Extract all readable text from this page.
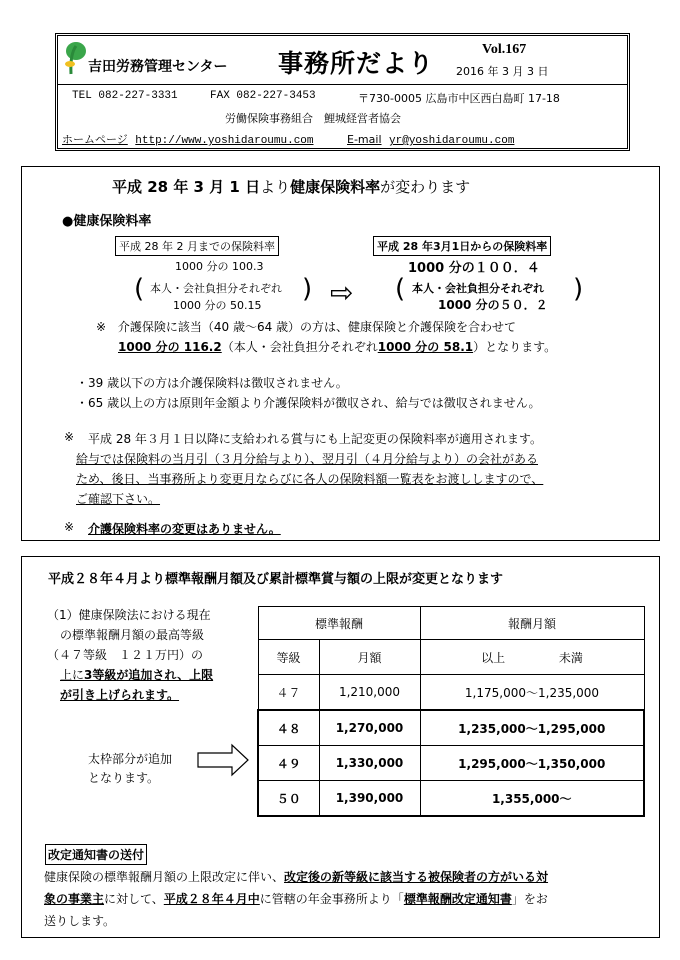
吉田労務管理センター 事務所だより	Vol.167
2016 年 3 月 3 日
TEL 082-227-3331	FAX 082-227-3453	〒730-0005 広島市中区西白島町 17-18
労働保険事務組合　鯉城経営者協会
ホームページ http://www.yoshidaroumu.com	E-mail yr@yoshidaroumu.com
平成 28 年 3 月 1 日より健康保険料率が変わります
●健康保険料率
平成 28 年 2 月までの保険料率
1000 分の 100.3
(	)
本人・会社負担分それぞれ
1000 分の 50.15 ⇨
平成 28 年3月1日からの保険料率
1000 分の１００．４
(	)
本人・会社負担分それぞれ
1000 分の５０．２
※ 介護保険に該当（40 歳～64 歳）の方は、健康保険と介護保険を合わせて
1000 分の 116.2（本人・会社負担分それぞれ1000 分の 58.1）となります。
・39 歳以下の方は介護保険料は徴収されません。
・65 歳以上の方は原則年金額より介護保険料が徴収され、給与では徴収されません。
※ 平成 28 年３月１日以降に支給われる賞与にも上記変更の保険料率が適用されます。
給与では保険料の当月引（３月分給与より）、翌月引（４月分給与より）の会社がある
ため、後日、当事務所より変更月ならびに各人の保険料額一覧表をお渡ししますので、
ご確認下さい。
※ 介護保険料率の変更はありません。
平成２８年４月より標準報酬月額及び累計標準賞与額の上限が変更となります
（1）健康保険法における現在
の標準報酬月額の最高等級
（４７等級　１２１万円）の
上に3等級が追加され、上限
が引き上げられます。
太枠部分が追加
となります。
標準報酬		報酬月額
等級	月額	以上 未満
４７	1,210,000	1,175,000～1,235,000
４８	1,270,000	1,235,000～1,295,000
４９	1,330,000	1,295,000～1,350,000
５０	1,390,000	1,355,000～
改定通知書の送付
健康保険の標準報酬月額の上限改定に伴い、改定後の新等級に該当する被保険者の方がいる対
象の事業主に対して、平成２８年４月中に管轄の年金事務所より「標準報酬改定通知書」をお
送りします。
